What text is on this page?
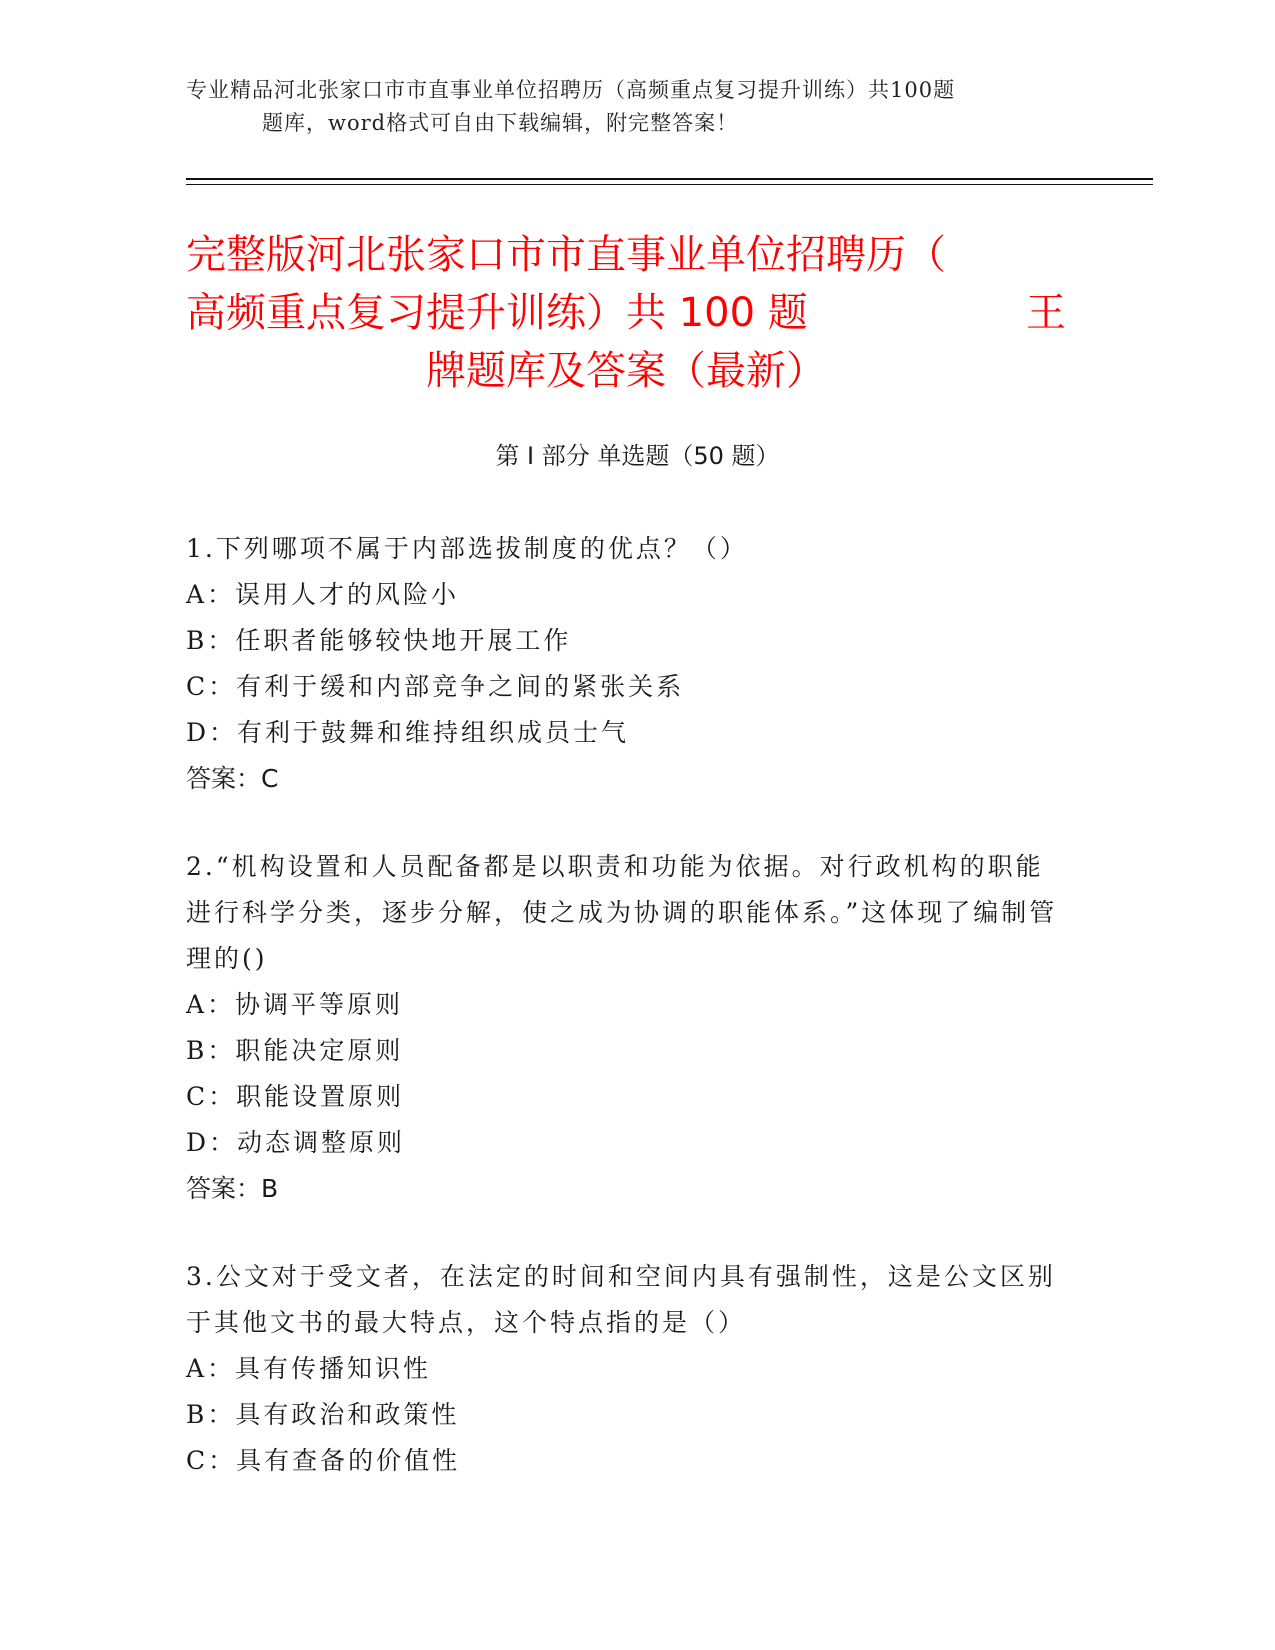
专业精品河北张家口市市直事业单位招聘历（高频重点复习提升训练）共100题
题库，word格式可自由下载编辑，附完整答案！
完整版河北张家口市市直事业单位招聘历（
高频重点复习提升训练）共 100 题	王
牌题库及答案（最新）
第 I 部分 单选题（50 题）
1.下列哪项不属于内部选拔制度的优点？（）
A：误用人才的风险小
B：任职者能够较快地开展工作
C：有利于缓和内部竞争之间的紧张关系
D：有利于鼓舞和维持组织成员士气
答案：C
2.“机构设置和人员配备都是以职责和功能为依据。对行政机构的职能进行科学分类，逐步分解，使之成为协调的职能体系。”这体现了编制管理的()
A：协调平等原则
B：职能决定原则
C：职能设置原则
D：动态调整原则
答案：B
3.公文对于受文者，在法定的时间和空间内具有强制性，这是公文区别于其他文书的最大特点，这个特点指的是（）
A：具有传播知识性
B：具有政治和政策性
C：具有查备的价值性
